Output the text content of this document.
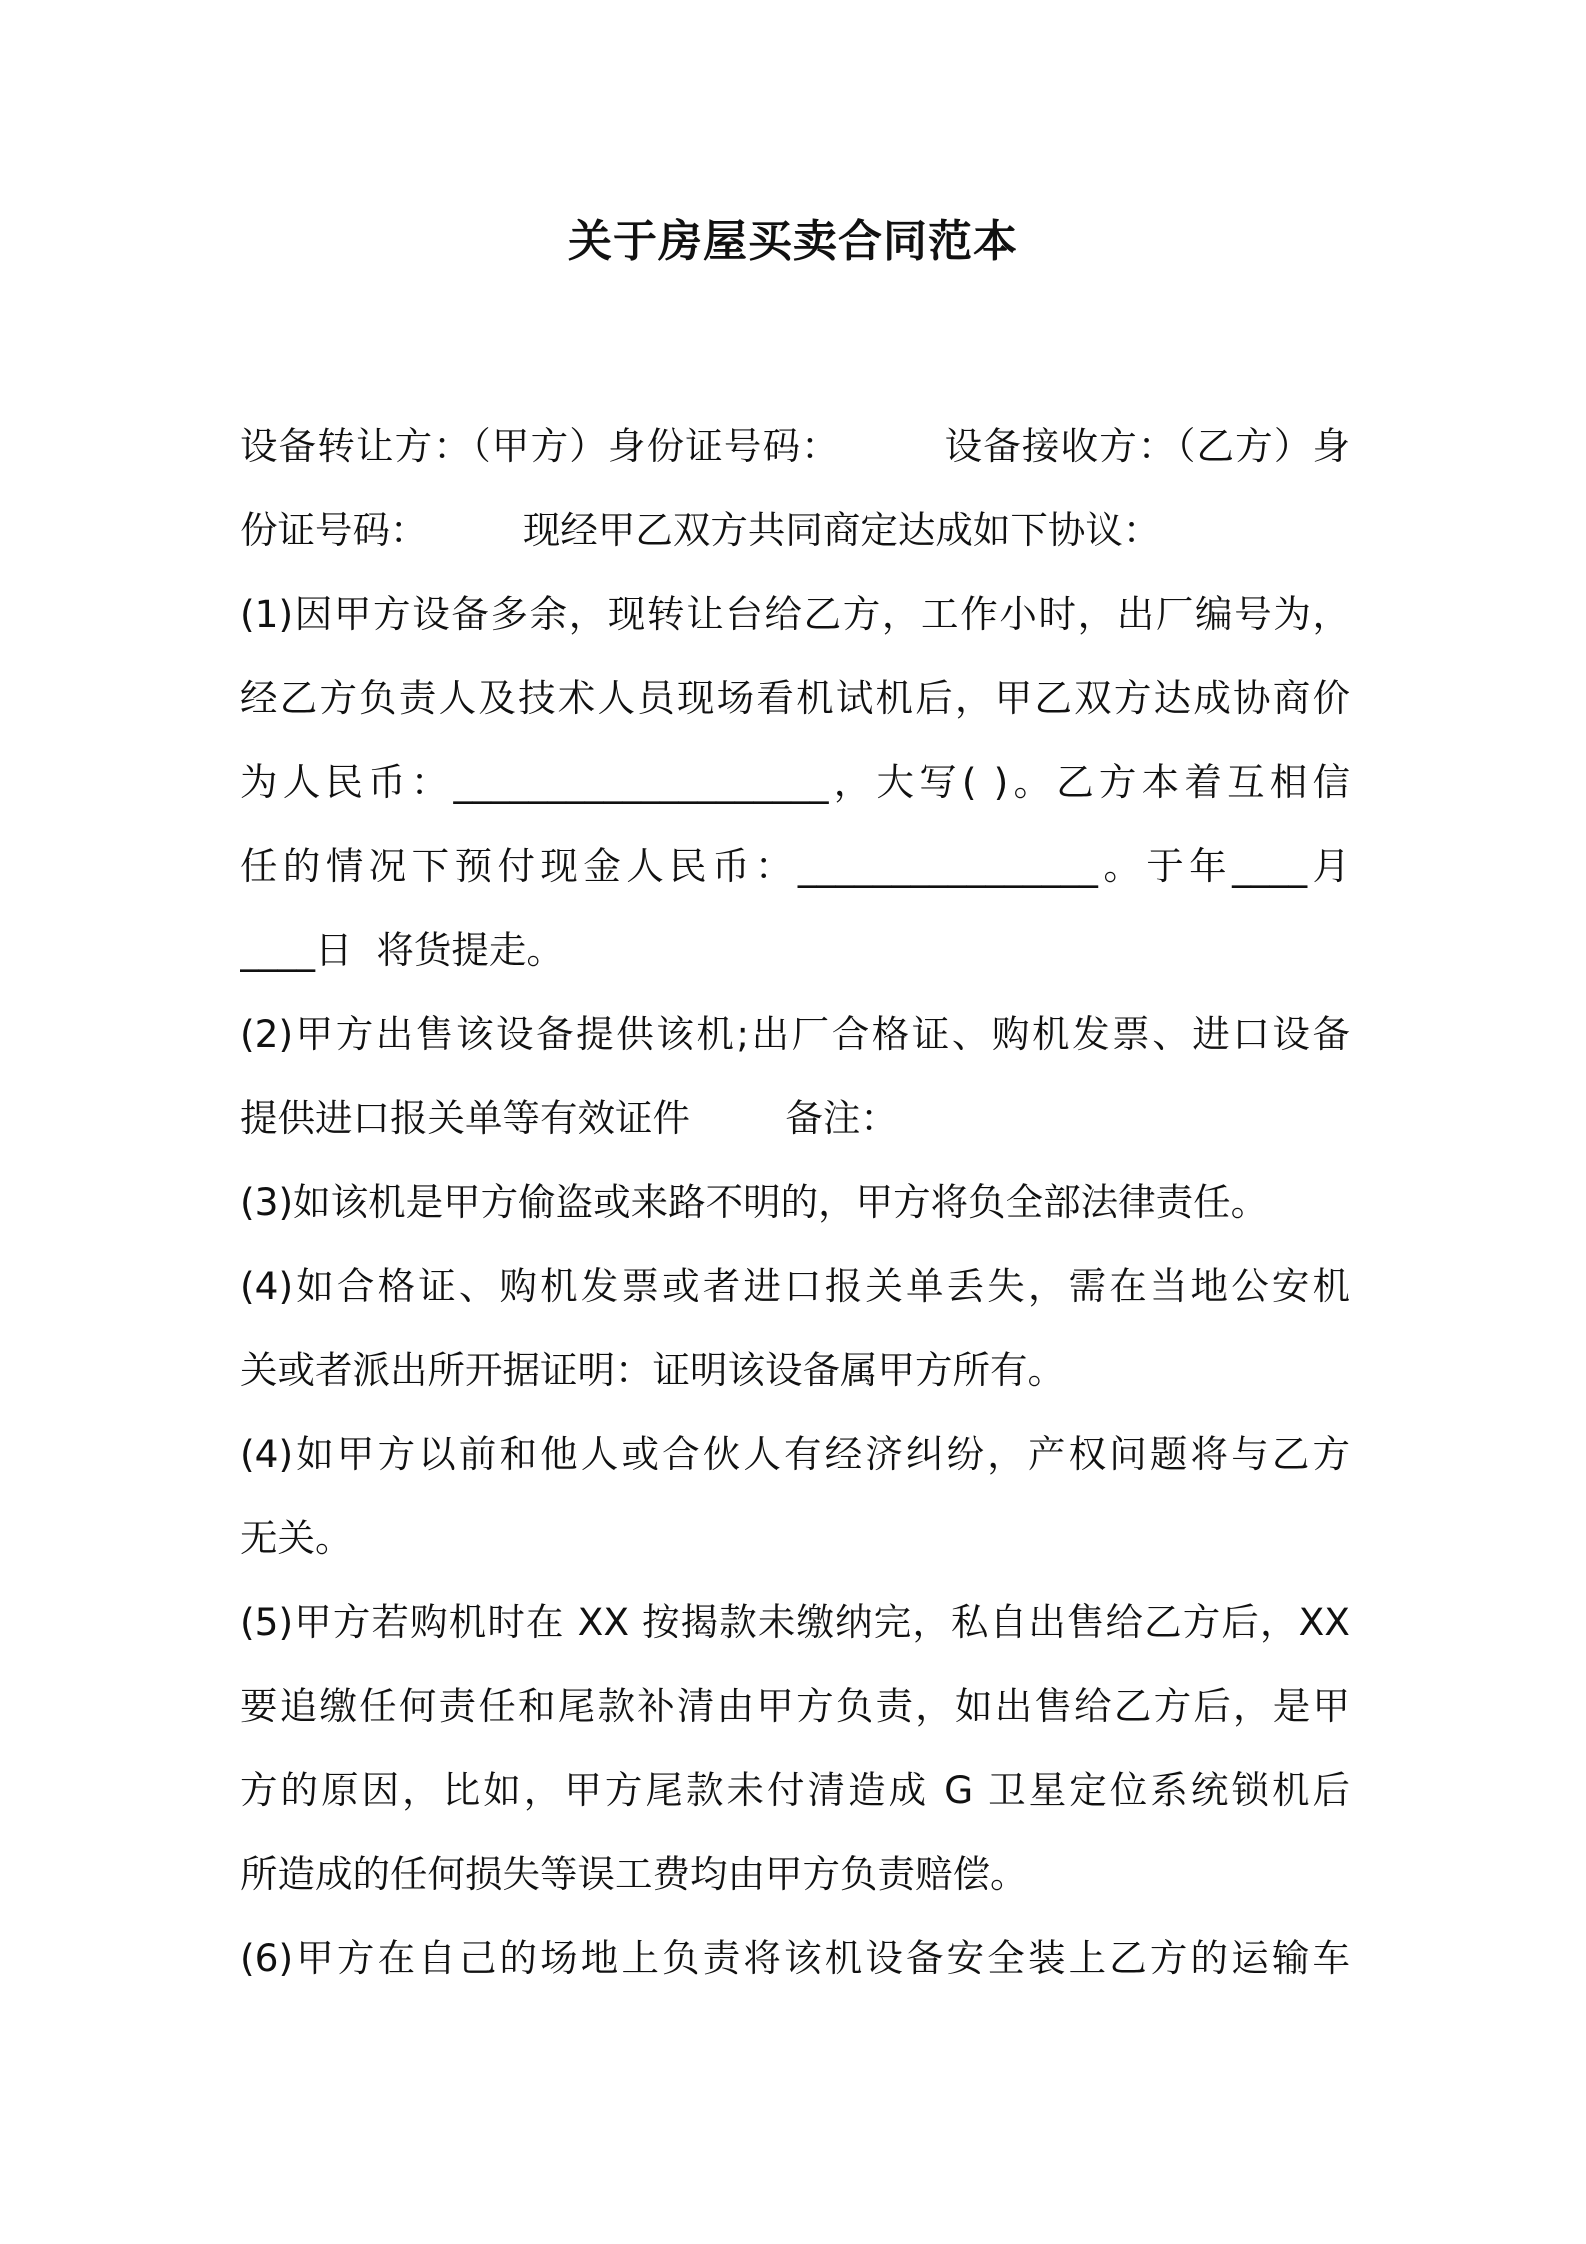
关于房屋买卖合同范本
设备转让方：（甲方）身份证号码：        设备接收方：（乙方）身
份证号码：        现经甲乙双方共同商定达成如下协议：
(1)因甲方设备多余，现转让台给乙方，工作小时，出厂编号为，
经乙方负责人及技术人员现场看机试机后，甲乙双方达成协商价
为人民币：____________________，大写( )。乙方本着互相信
任的情况下预付现金人民币：________________。于年____月
____日  将货提走。
(2)甲方出售该设备提供该机;出厂合格证、购机发票、进口设备
提供进口报关单等有效证件        备注：
(3)如该机是甲方偷盗或来路不明的，甲方将负全部法律责任。
(4)如合格证、购机发票或者进口报关单丢失，需在当地公安机
关或者派出所开据证明：证明该设备属甲方所有。
(4)如甲方以前和他人或合伙人有经济纠纷，产权问题将与乙方
无关。
(5)甲方若购机时在 XX 按揭款未缴纳完，私自出售给乙方后，XX
要追缴任何责任和尾款补清由甲方负责，如出售给乙方后，是甲
方的原因，比如，甲方尾款未付清造成 G 卫星定位系统锁机后
所造成的任何损失等误工费均由甲方负责赔偿。
(6)甲方在自己的场地上负责将该机设备安全装上乙方的运输车
